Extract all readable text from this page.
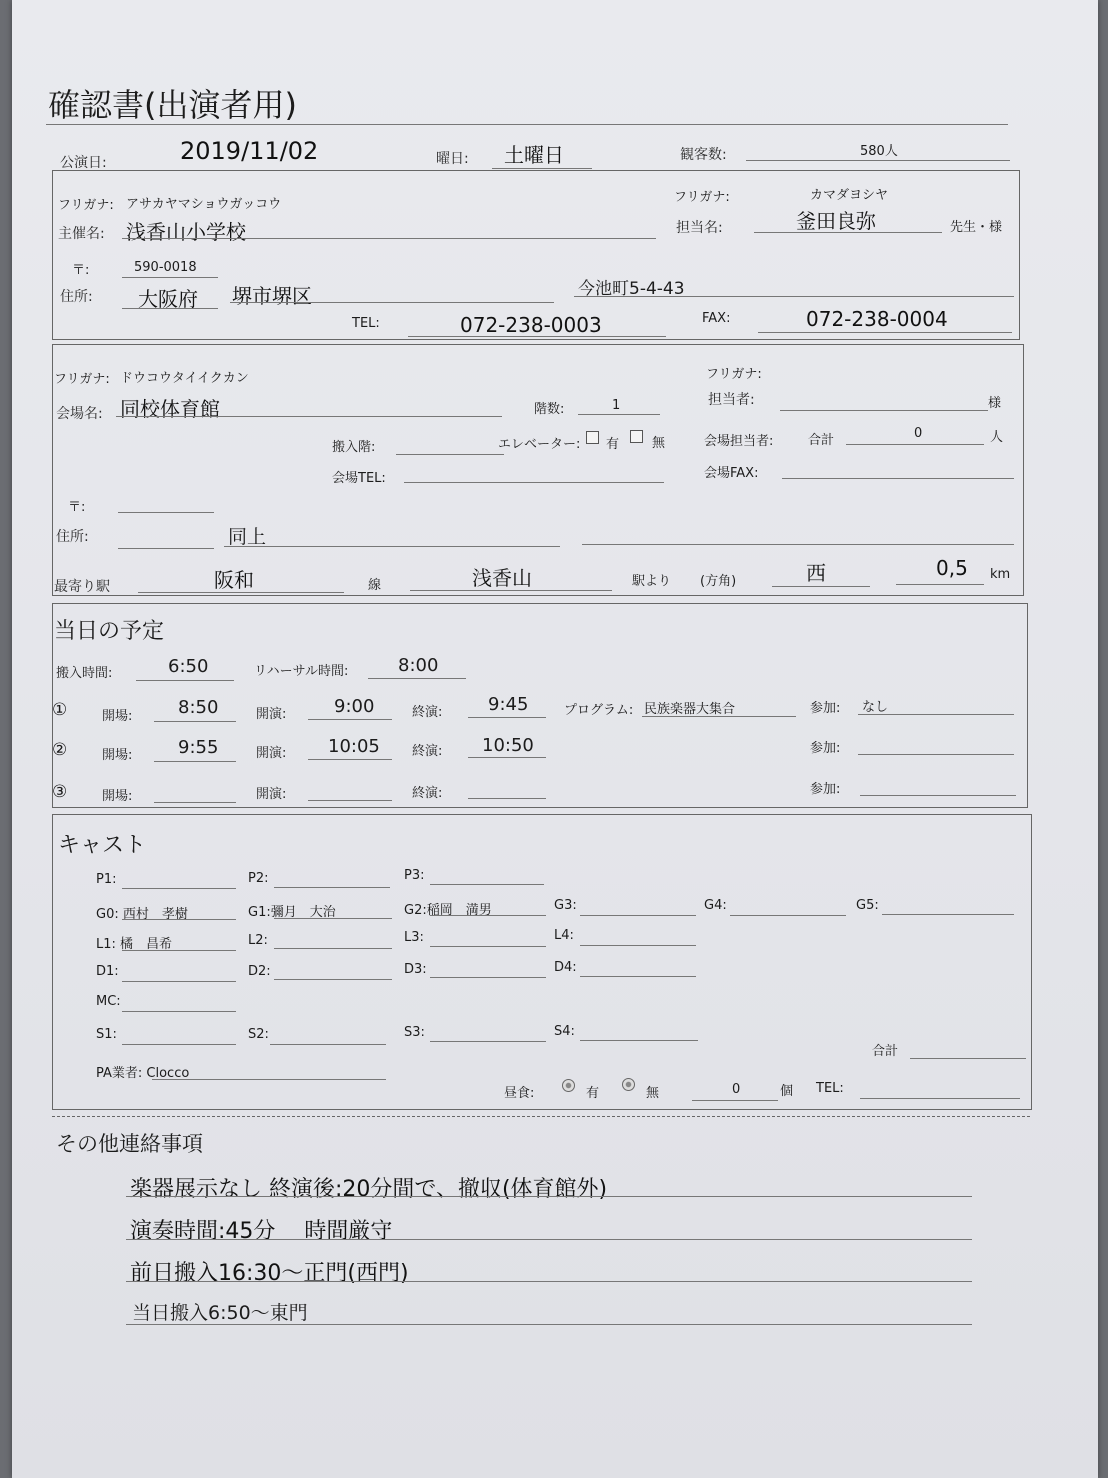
確認書(出演者用)
公演日:	2019/11/02	曜日: 土曜日	観客数:	580人
フリガナ: アサカヤマショウガッコウ
主催名: 浅香山小学校
フリガナ:	カマダヨシヤ
担当名:	釜田良弥	先生・様
〒:	590-0018
住所: 大阪府 堺市堺区	今池町5-4-43
TEL:	072-238-0003	FAX:	072-238-0004
フリガナ: ドウコウタイイクカン
会場名: 同校体育館	階数:	1
フリガナ:
担当者:	様
搬入階:	エレベーター: 有	無	会場担当者:	合計	0	人
会場TEL:	会場FAX:
〒:
住所:	同上
最寄り駅	阪和	線	浅香山	駅より (方角)	西	0,5 km
当日の予定
搬入時間:	6:50	リハーサル時間:	8:00
①	開場:	8:50	開演:	9:00	終演:	9:45	プログラム: 民族楽器大集合	参加: なし
②	開場:	9:55	開演: 10:05 終演: 10:50	参加:
③	開場:	開演:	終演:	参加:
キャスト
P1:	P2:	P3:
G0: 西村　孝樹	G1:彌月　大治	G2:稲岡　満男	G3:	G4:	G5:
L1: 橘　昌希	L2:	L3:	L4:
D1:	D2:	D3:	D4:
MC:
S1:	S2:	S3:	S4:
合計
PA業者: Clocco
昼食:	有	無	0	個 TEL:
その他連絡事項
楽器展示なし 終演後:20分間で、撤収(体育館外)
演奏時間:45分　 時間厳守
前日搬入16:30〜正門(西門)
当日搬入6:50〜東門
